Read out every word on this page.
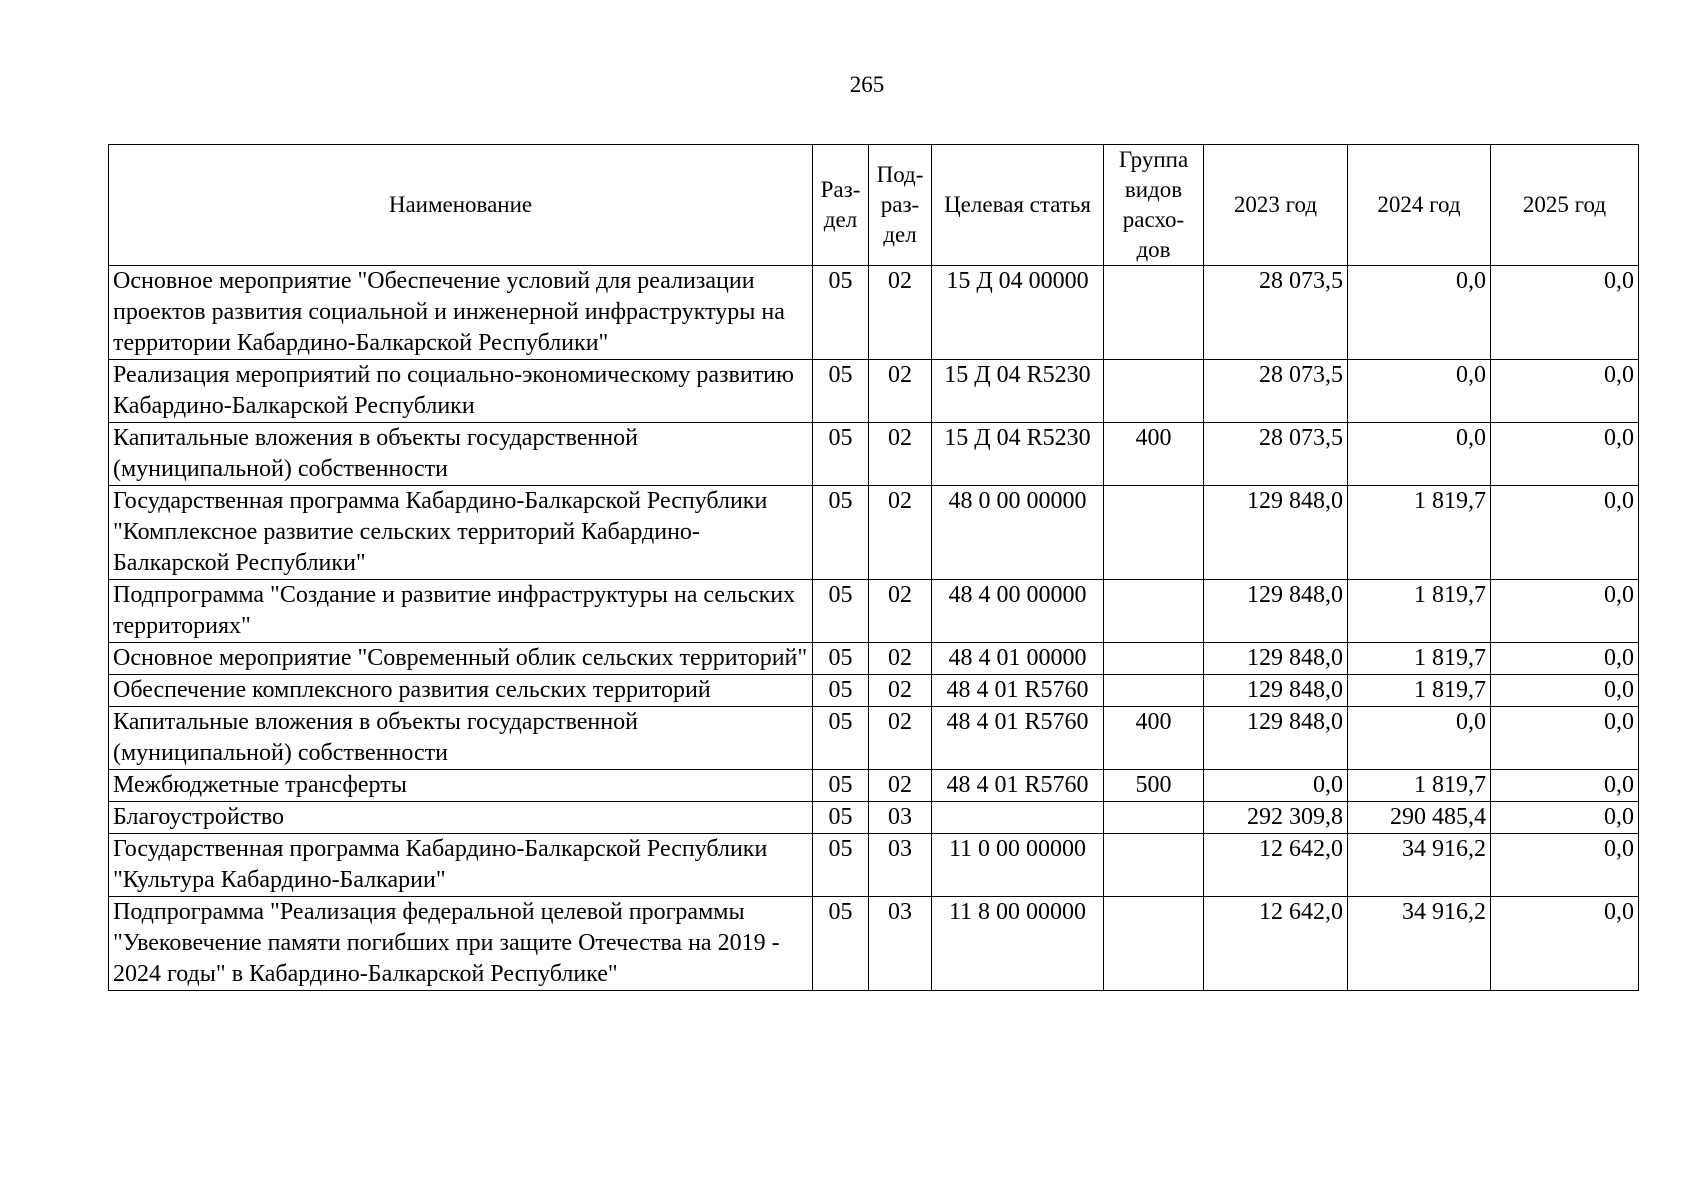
265
Наименование	Раз-дел	Под-раз-дел	Целевая статья	Группа видов расхо-дов	2023 год	2024 год	2025 год
Основное мероприятие "Обеспечение условий для реализации проектов развития социальной и инженерной инфраструктуры на территории Кабардино-Балкарской Республики"	05	02	15 Д 04 00000		28 073,5	0,0	0,0
Реализация мероприятий по социально-экономическому развитию Кабардино-Балкарской Республики	05	02	15 Д 04 R5230		28 073,5	0,0	0,0
Капитальные вложения в объекты государственной (муниципальной) собственности	05	02	15 Д 04 R5230	400	28 073,5	0,0	0,0
Государственная программа Кабардино-Балкарской Республики "Комплексное развитие сельских территорий Кабардино-Балкарской Республики"	05	02	48 0 00 00000		129 848,0	1 819,7	0,0
Подпрограмма "Создание и развитие инфраструктуры на сельских территориях"	05	02	48 4 00 00000		129 848,0	1 819,7	0,0
Основное мероприятие "Современный облик сельских территорий"	05	02	48 4 01 00000		129 848,0	1 819,7	0,0
Обеспечение комплексного развития сельских территорий	05	02	48 4 01 R5760		129 848,0	1 819,7	0,0
Капитальные вложения в объекты государственной (муниципальной) собственности	05	02	48 4 01 R5760	400	129 848,0	0,0	0,0
Межбюджетные трансферты	05	02	48 4 01 R5760	500	0,0	1 819,7	0,0
Благоустройство	05	03			292 309,8	290 485,4	0,0
Государственная программа Кабардино-Балкарской Республики "Культура Кабардино-Балкарии"	05	03	11 0 00 00000		12 642,0	34 916,2	0,0
Подпрограмма "Реализация федеральной целевой программы "Увековечение памяти погибших при защите Отечества на 2019 - 2024 годы" в Кабардино-Балкарской Республике"	05	03	11 8 00 00000		12 642,0	34 916,2	0,0
